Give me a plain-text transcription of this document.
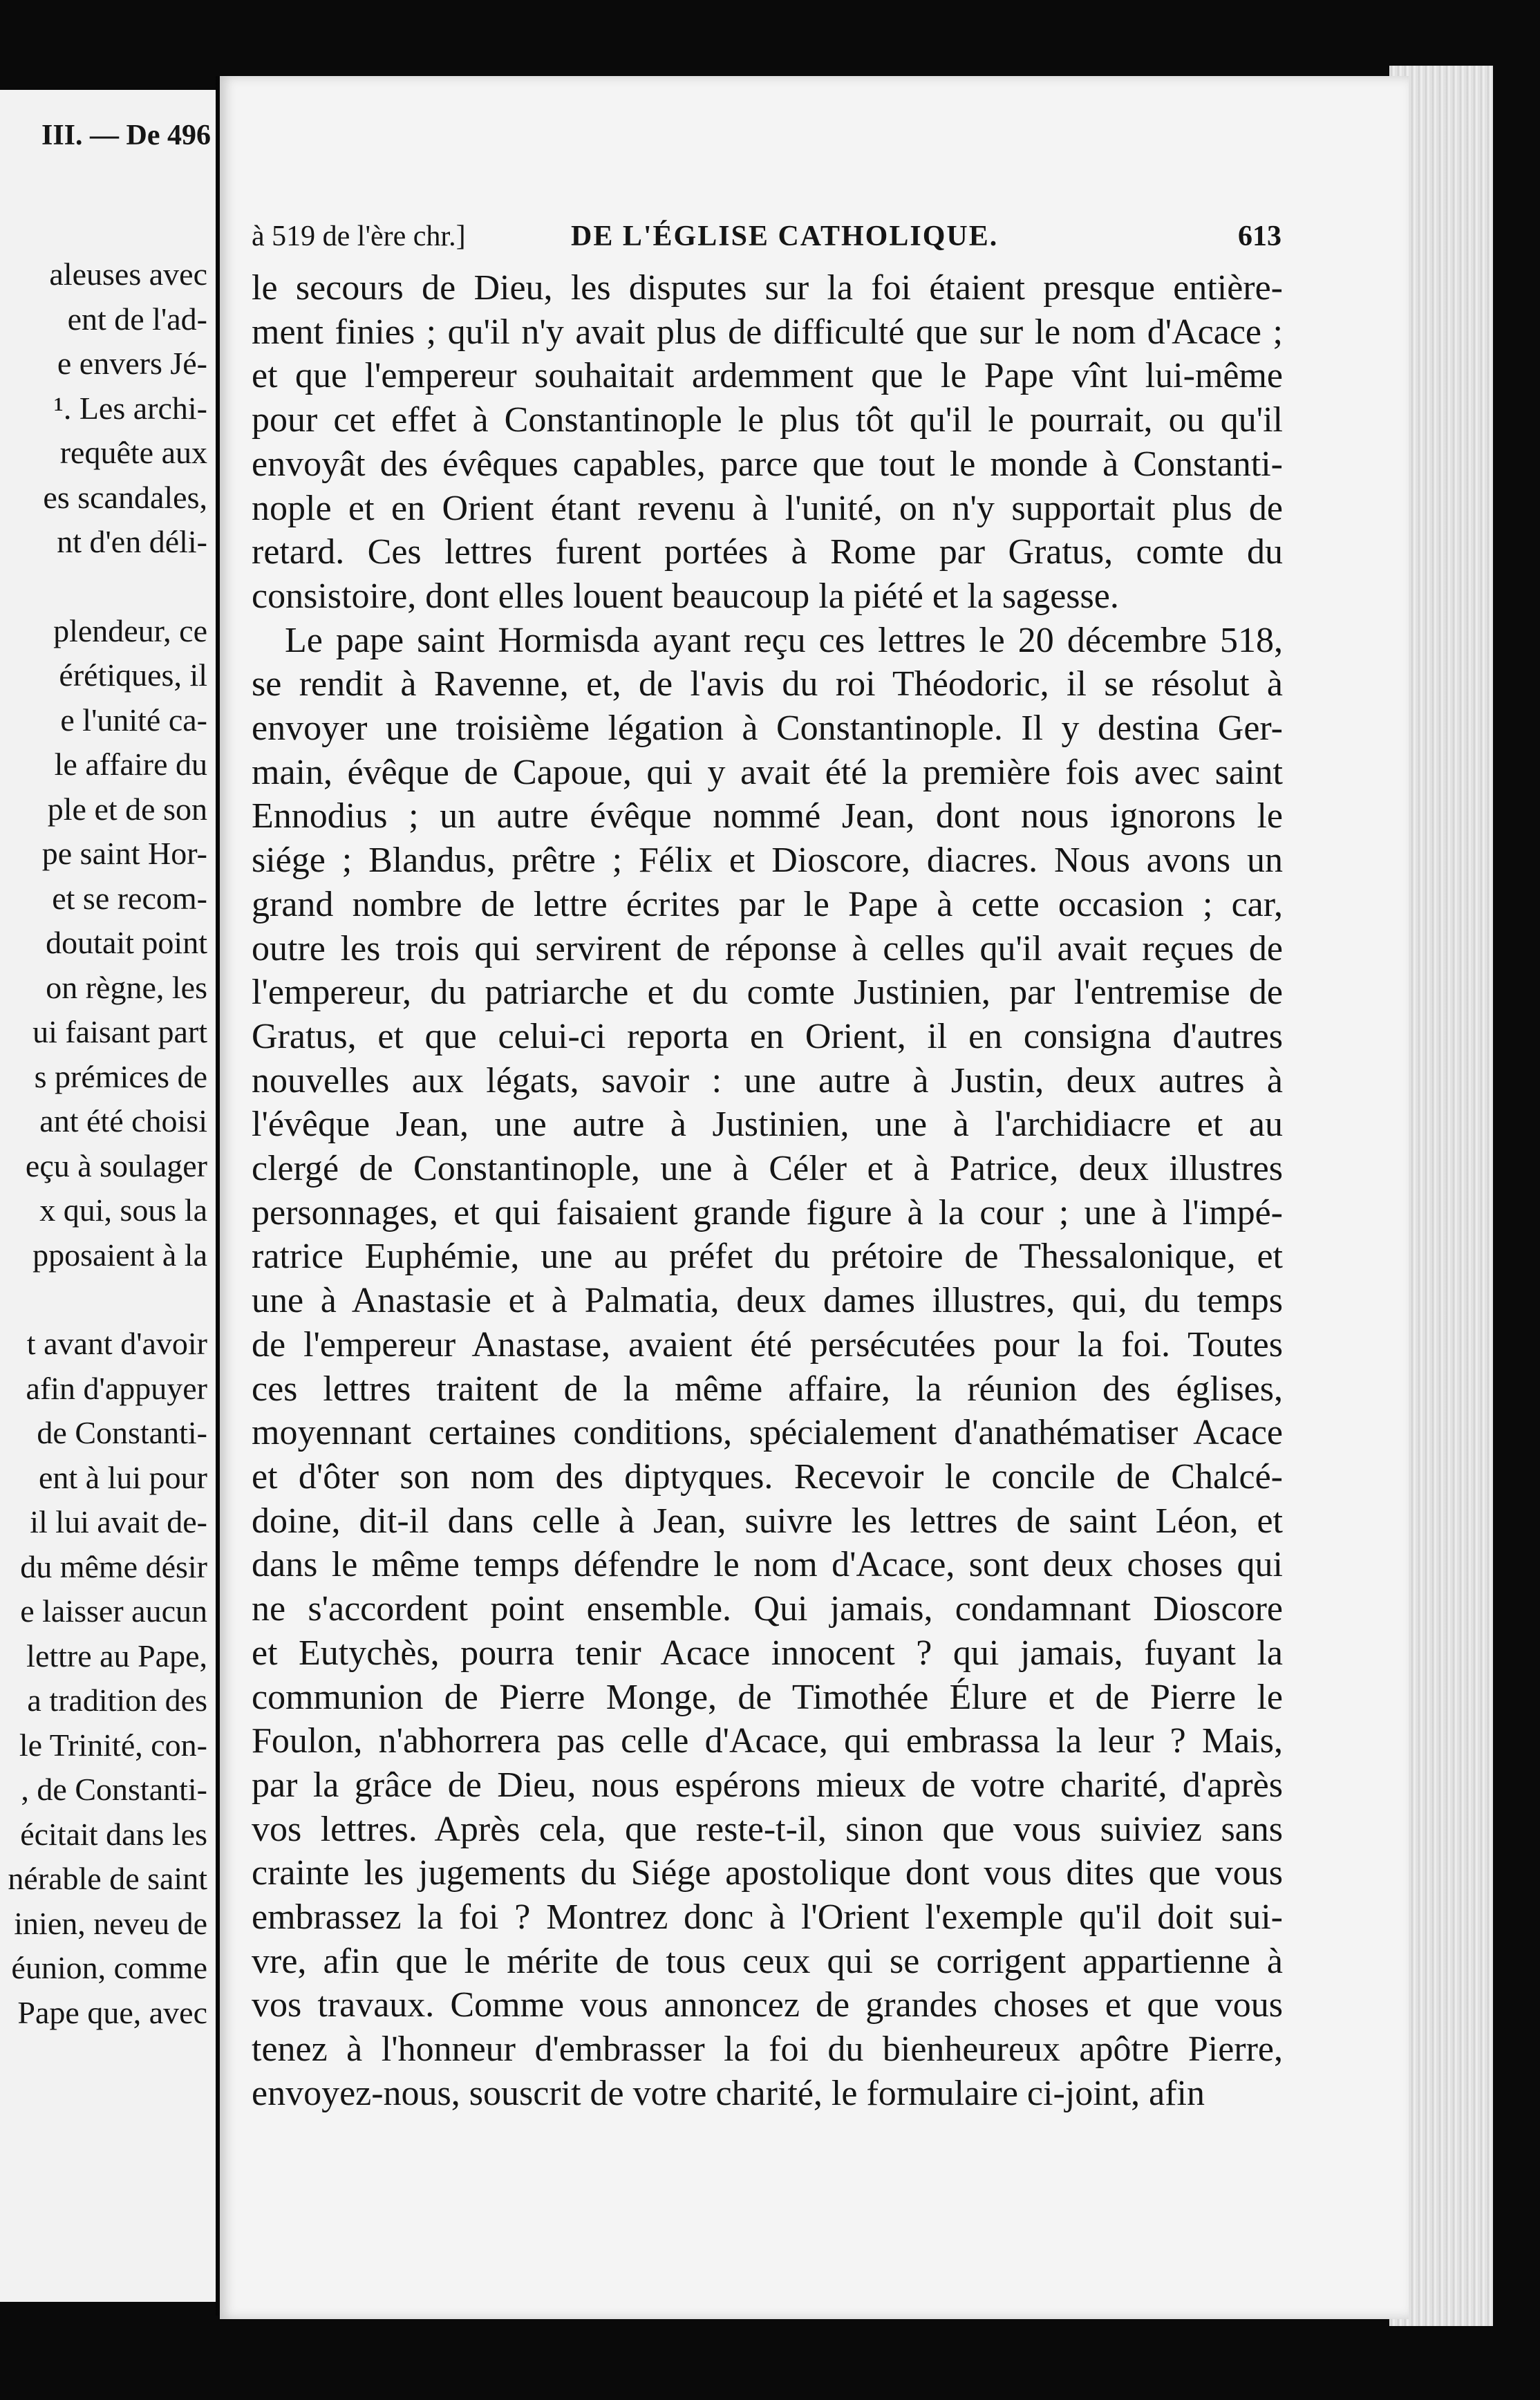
III. — De 496
aleuses avec
ent de l'ad-
e envers Jé-
¹. Les archi-
requête aux
es scandales,
nt d'en déli-
plendeur, ce
érétiques, il
e l'unité ca-
le affaire du
ple et de son
pe saint Hor-
et se recom-
doutait point
on règne, les
ui faisant part
s prémices de
ant été choisi
eçu à soulager
x qui, sous la
pposaient à la
t avant d'avoir
afin d'appuyer
de Constanti-
ent à lui pour
il lui avait de-
du même désir
e laisser aucun
lettre au Pape,
a tradition des
le Trinité, con-
, de Constanti-
écitait dans les
nérable de saint
inien, neveu de
éunion, comme
Pape que, avec
à 519 de l'ère chr.]	DE L'ÉGLISE CATHOLIQUE.	613
le secours de Dieu, les disputes sur la foi étaient presque entière-
ment finies ; qu'il n'y avait plus de difficulté que sur le nom d'Acace ;
et que l'empereur souhaitait ardemment que le Pape vînt lui-même
pour cet effet à Constantinople le plus tôt qu'il le pourrait, ou qu'il
envoyât des évêques capables, parce que tout le monde à Constanti-
nople et en Orient étant revenu à l'unité, on n'y supportait plus de
retard. Ces lettres furent portées à Rome par Gratus, comte du
consistoire, dont elles louent beaucoup la piété et la sagesse.
Le pape saint Hormisda ayant reçu ces lettres le 20 décembre 518,
se rendit à Ravenne, et, de l'avis du roi Théodoric, il se résolut à
envoyer une troisième légation à Constantinople. Il y destina Ger-
main, évêque de Capoue, qui y avait été la première fois avec saint
Ennodius ; un autre évêque nommé Jean, dont nous ignorons le
siége ; Blandus, prêtre ; Félix et Dioscore, diacres. Nous avons un
grand nombre de lettre écrites par le Pape à cette occasion ; car,
outre les trois qui servirent de réponse à celles qu'il avait reçues de
l'empereur, du patriarche et du comte Justinien, par l'entremise de
Gratus, et que celui-ci reporta en Orient, il en consigna d'autres
nouvelles aux légats, savoir : une autre à Justin, deux autres à
l'évêque Jean, une autre à Justinien, une à l'archidiacre et au
clergé de Constantinople, une à Céler et à Patrice, deux illustres
personnages, et qui faisaient grande figure à la cour ; une à l'impé-
ratrice Euphémie, une au préfet du prétoire de Thessalonique, et
une à Anastasie et à Palmatia, deux dames illustres, qui, du temps
de l'empereur Anastase, avaient été persécutées pour la foi. Toutes
ces lettres traitent de la même affaire, la réunion des églises,
moyennant certaines conditions, spécialement d'anathématiser Acace
et d'ôter son nom des diptyques. Recevoir le concile de Chalcé-
doine, dit-il dans celle à Jean, suivre les lettres de saint Léon, et
dans le même temps défendre le nom d'Acace, sont deux choses qui
ne s'accordent point ensemble. Qui jamais, condamnant Dioscore
et Eutychès, pourra tenir Acace innocent ? qui jamais, fuyant la
communion de Pierre Monge, de Timothée Élure et de Pierre le
Foulon, n'abhorrera pas celle d'Acace, qui embrassa la leur ? Mais,
par la grâce de Dieu, nous espérons mieux de votre charité, d'après
vos lettres. Après cela, que reste-t-il, sinon que vous suiviez sans
crainte les jugements du Siége apostolique dont vous dites que vous
embrassez la foi ? Montrez donc à l'Orient l'exemple qu'il doit sui-
vre, afin que le mérite de tous ceux qui se corrigent appartienne à
vos travaux. Comme vous annoncez de grandes choses et que vous
tenez à l'honneur d'embrasser la foi du bienheureux apôtre Pierre,
envoyez-nous, souscrit de votre charité, le formulaire ci-joint, afin
